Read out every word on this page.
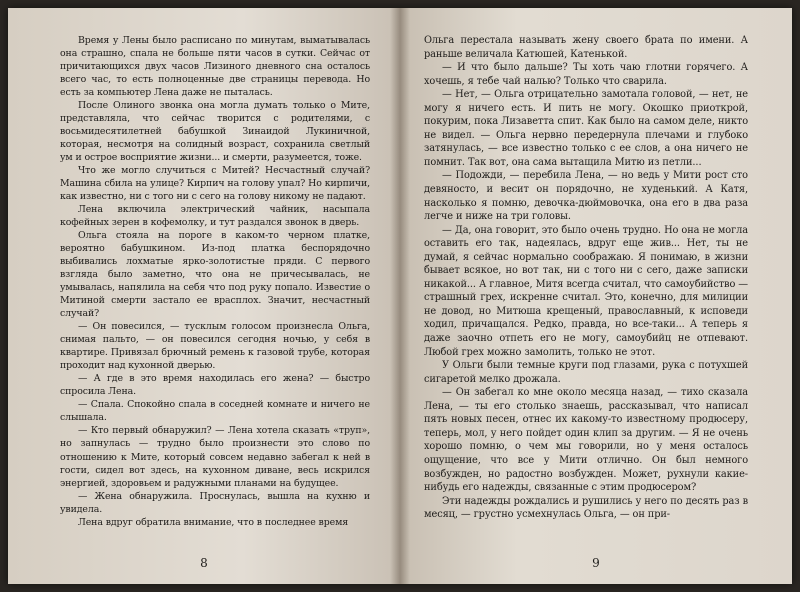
Время у Лены было расписано по минутам, выматывалась она страшно, спала не больше пяти часов в сутки. Сейчас от причитающихся двух часов Лизиного дневного сна осталось всего час, то есть полноценные две страницы перевода. Но есть за компьютер Лена даже не пыталась.

После Олиного звонка она могла думать только о Мите, представляла, что сейчас творится с родителями, с восьмидесятилетней бабушкой Зинаидой Лукиничной, которая, несмотря на солидный возраст, сохранила светлый ум и острое восприятие жизни... и смерти, разумеется, тоже.

Что же могло случиться с Митей? Несчастный случай? Машина сбила на улице? Кирпич на голову упал? Но кирпичи, как известно, ни с того ни с сего на голову никому не падают.

Лена включила электрический чайник, насыпала кофейных зерен в кофемолку, и тут раздался звонок в дверь.

Ольга стояла на пороге в каком-то черном платке, вероятно бабушкином. Из-под платка беспорядочно выбивались лохматые ярко-золотистые пряди. С первого взгляда было заметно, что она не причесывалась, не умывалась, напялила на себя что под руку попало. Известие о Митиной смерти застало ее врасплох. Значит, несчастный случай?

— Он повесился, — тусклым голосом произнесла Ольга, снимая пальто, — он повесился сегодня ночью, у себя в квартире. Привязал брючный ремень к газовой трубе, которая проходит над кухонной дверью.

— А где в это время находилась его жена? — быстро спросила Лена.

— Спала. Спокойно спала в соседней комнате и ничего не слышала.

— Кто первый обнаружил? — Лена хотела сказать «труп», но запнулась — трудно было произнести это слово по отношению к Мите, который совсем недавно забегал к ней в гости, сидел вот здесь, на кухонном диване, весь искрился энергией, здоровьем и радужными планами на будущее.

— Жена обнаружила. Проснулась, вышла на кухню и увидела.

Лена вдруг обратила внимание, что в последнее время

8

Ольга перестала называть жену своего брата по имени. А раньше величала Катюшей, Катенькой.

— И что было дальше? Ты хоть чаю глотни горячего. А хочешь, я тебе чай налью? Только что сварила.

— Нет, — Ольга отрицательно замотала головой, — нет, не могу я ничего есть. И пить не могу. Окошко приоткрой, покурим, пока Лизаветта спит. Как было на самом деле, никто не видел. — Ольга нервно передернула плечами и глубоко затянулась, — все известно только с ее слов, а она ничего не помнит. Так вот, она сама вытащила Митю из петли...

— Подожди, — перебила Лена, — но ведь у Мити рост сто девяносто, и весит он порядочно, не худенький. А Катя, насколько я помню, девочка-дюймовочка, она его в два раза легче и ниже на три головы.

— Да, она говорит, это было очень трудно. Но она не могла оставить его так, надеялась, вдруг еще жив... Нет, ты не думай, я сейчас нормально соображаю. Я понимаю, в жизни бывает всякое, но вот так, ни с того ни с сего, даже записки никакой... А главное, Митя всегда считал, что самоубийство — страшный грех, искренне считал. Это, конечно, для милиции не довод, но Митюша крещеный, православный, к исповеди ходил, причащался. Редко, правда, но все-таки... А теперь я даже заочно отпеть его не могу, самоубийц не отпевают. Любой грех можно замолить, только не этот.

У Ольги были темные круги под глазами, рука с потухшей сигаретой мелко дрожала.

— Он забегал ко мне около месяца назад, — тихо сказала Лена, — ты его столько знаешь, рассказывал, что написал пять новых песен, отнес их какому-то известному продюсеру, теперь, мол, у него пойдет один клип за другим. — Я не очень хорошо помню, о чем мы говорили, но у меня осталось ощущение, что все у Мити отлично. Он был немного возбужден, но радостно возбужден. Может, рухнули какие-нибудь его надежды, связанные с этим продюсером?

Эти надежды рождались и рушились у него по десять раз в месяц, — грустно усмехнулась Ольга, — он при-

9
